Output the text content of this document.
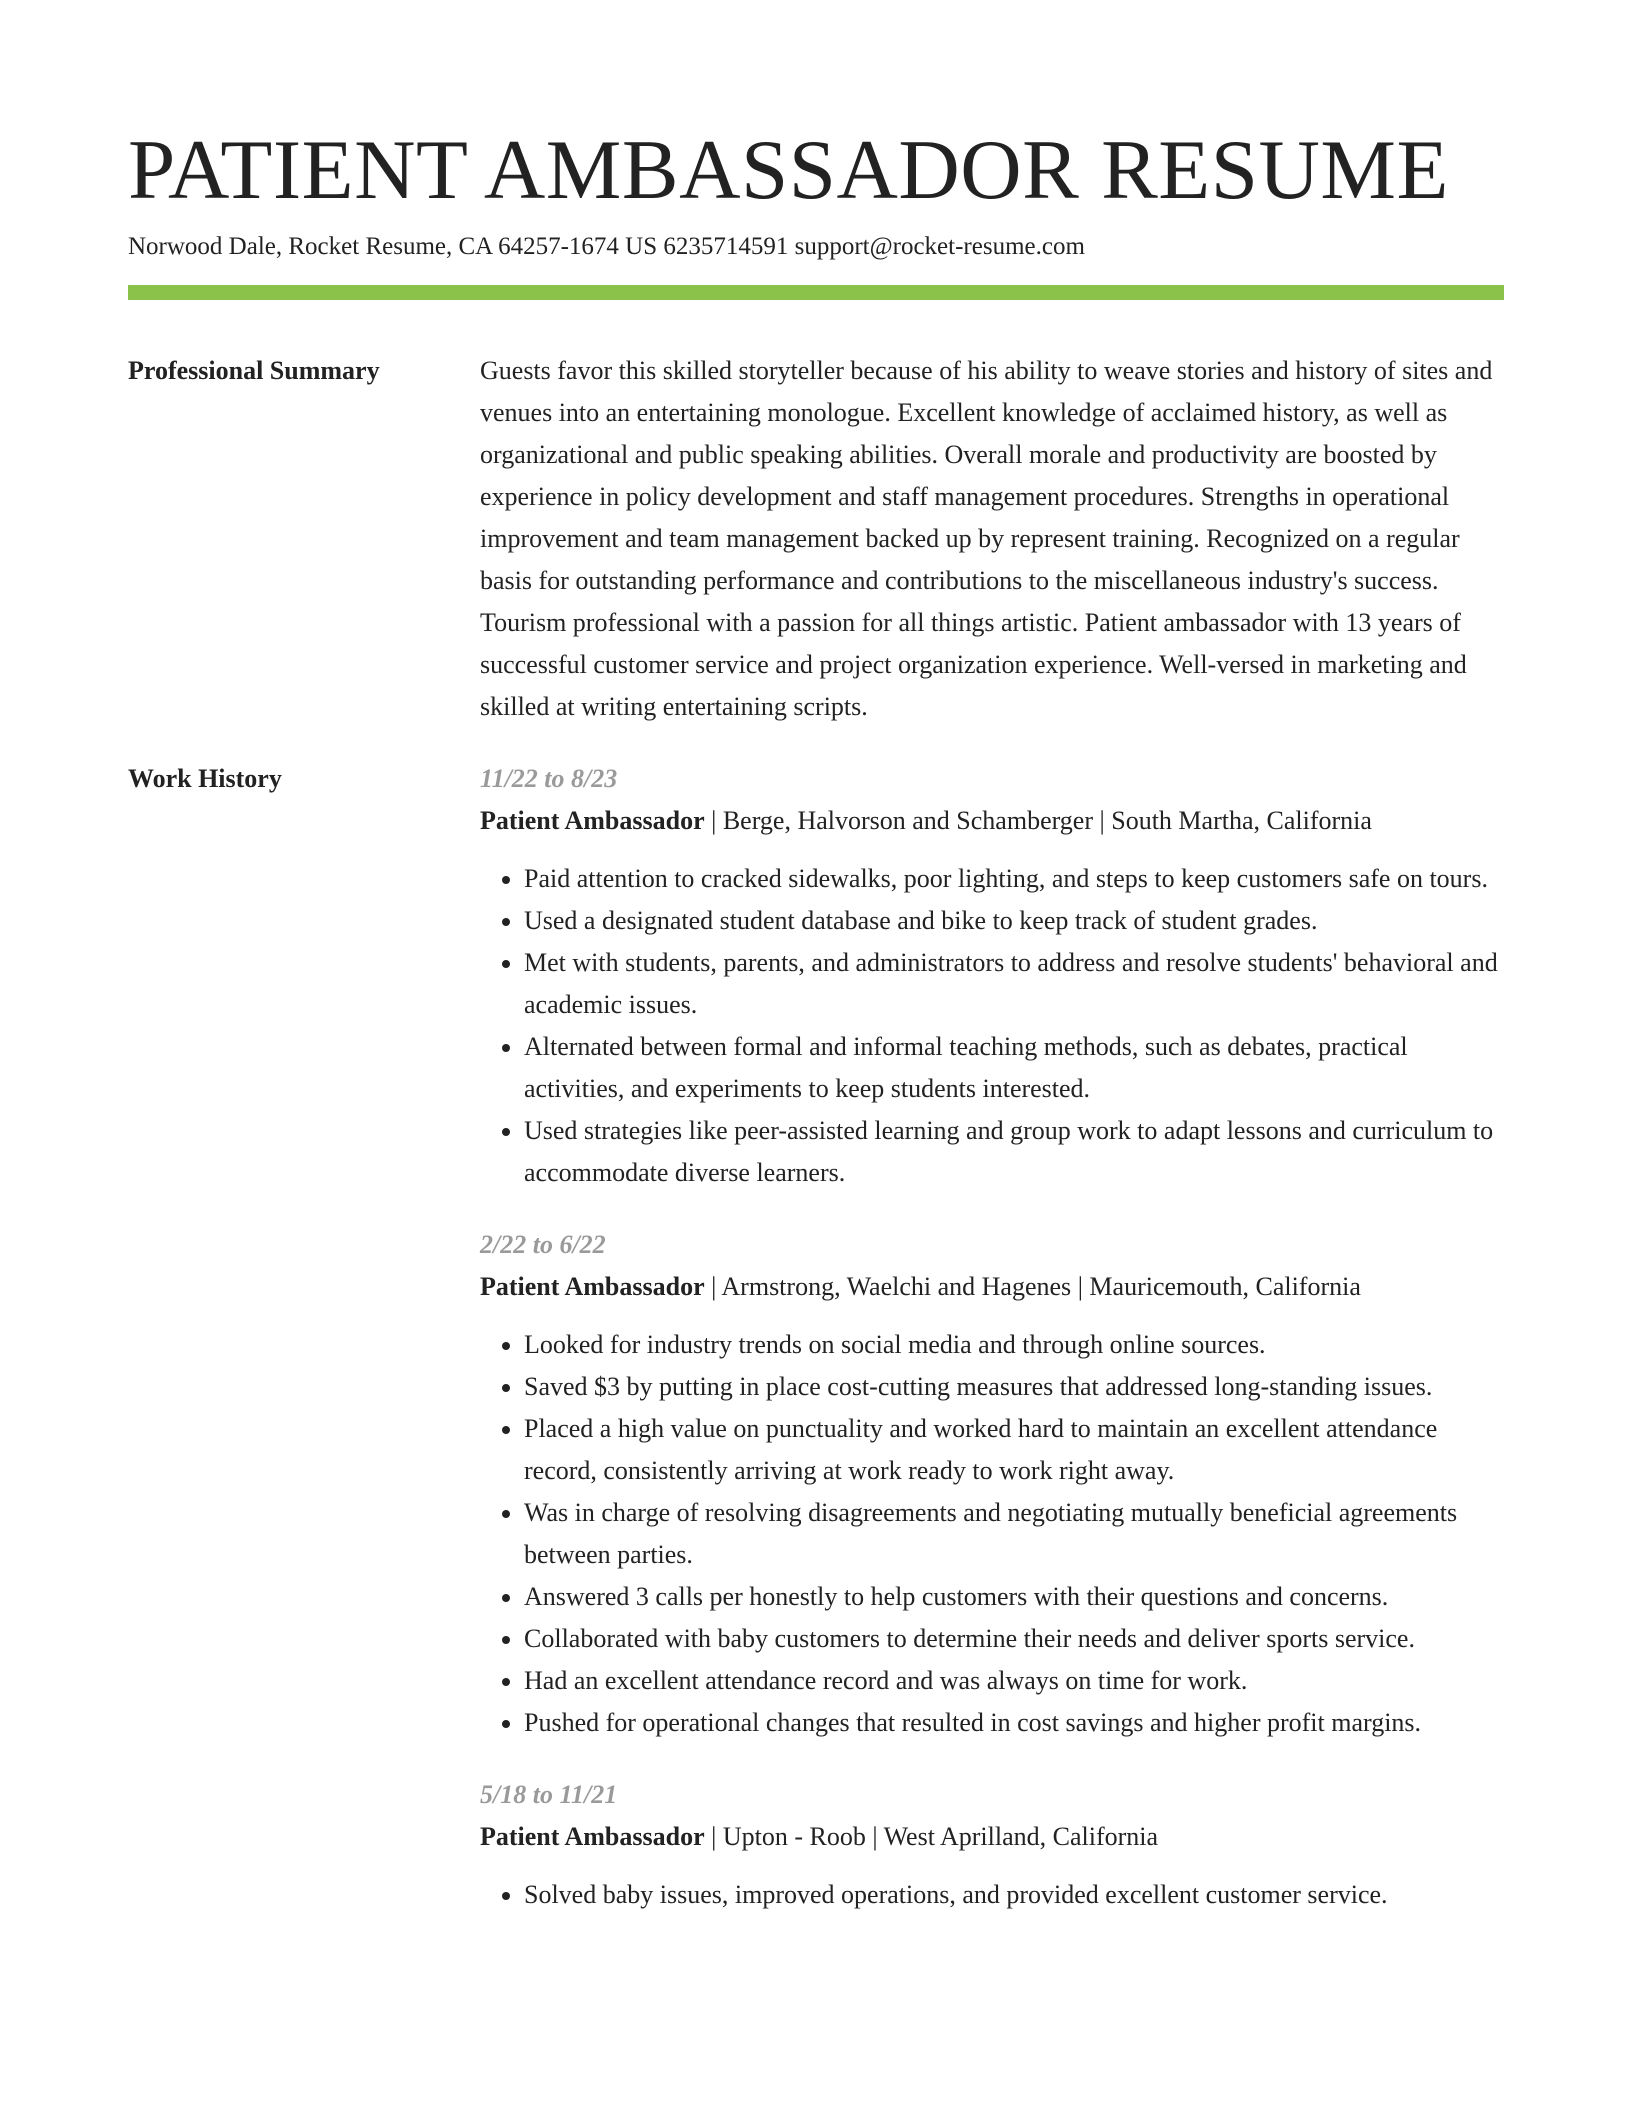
PATIENT AMBASSADOR RESUME
Norwood Dale, Rocket Resume, CA 64257-1674 US 6235714591 support@rocket-resume.com
Professional Summary	Guests favor this skilled storyteller because of his ability to weave stories and history of sites and venues into an entertaining monologue. Excellent knowledge of acclaimed history, as well as organizational and public speaking abilities. Overall morale and productivity are boosted by experience in policy development and staff management procedures. Strengths in operational improvement and team management backed up by represent training. Recognized on a regular basis for outstanding performance and contributions to the miscellaneous industry's success. Tourism professional with a passion for all things artistic. Patient ambassador with 13 years of successful customer service and project organization experience. Well-versed in marketing and skilled at writing entertaining scripts.

Work History	11/22 to 8/23
Patient Ambassador | Berge, Halvorson and Schamberger | South Martha, California
• Paid attention to cracked sidewalks, poor lighting, and steps to keep customers safe on tours.
• Used a designated student database and bike to keep track of student grades.
• Met with students, parents, and administrators to address and resolve students' behavioral and academic issues.
• Alternated between formal and informal teaching methods, such as debates, practical activities, and experiments to keep students interested.
• Used strategies like peer-assisted learning and group work to adapt lessons and curriculum to accommodate diverse learners.
2/22 to 6/22
Patient Ambassador | Armstrong, Waelchi and Hagenes | Mauricemouth, California
• Looked for industry trends on social media and through online sources.
• Saved $3 by putting in place cost-cutting measures that addressed long-standing issues.
• Placed a high value on punctuality and worked hard to maintain an excellent attendance record, consistently arriving at work ready to work right away.
• Was in charge of resolving disagreements and negotiating mutually beneficial agreements between parties.
• Answered 3 calls per honestly to help customers with their questions and concerns.
• Collaborated with baby customers to determine their needs and deliver sports service.
• Had an excellent attendance record and was always on time for work.
• Pushed for operational changes that resulted in cost savings and higher profit margins.
5/18 to 11/21
Patient Ambassador | Upton - Roob | West Aprilland, California
• Solved baby issues, improved operations, and provided excellent customer service.
